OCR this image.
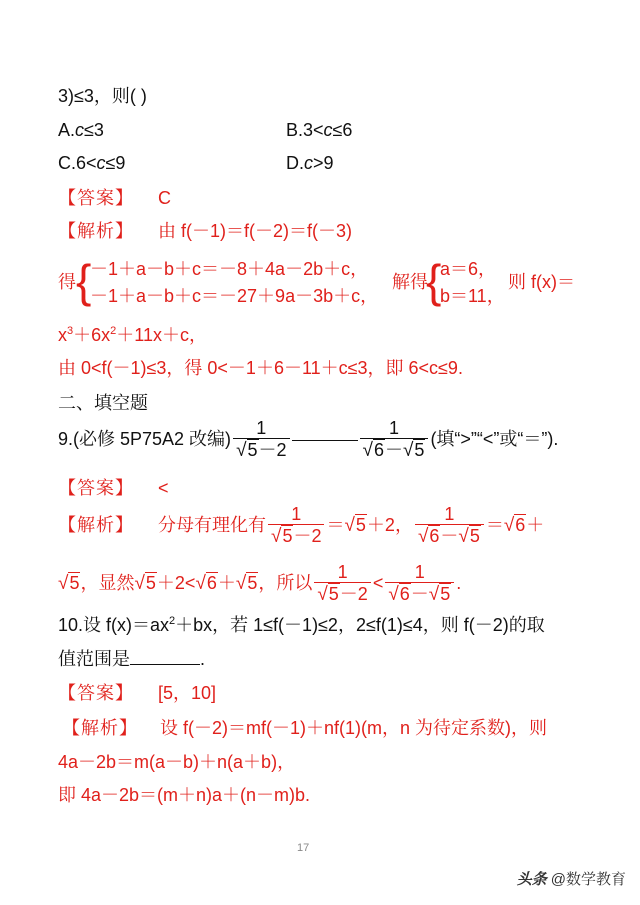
3)≤3，则( )
A.c≤3	B.3<c≤6
C.6<c≤9	D.c>9
【答案】 C
【解析】 由 f(－1)＝f(－2)＝f(－3)
得 {
－1＋a－b＋c＝－8＋4a－2b＋c，
－1＋a－b＋c＝－27＋9a－3b＋c，
解得
{
a＝6，
b＝11，
则 f(x)＝
$x^3+6x^2+11x+c$，
由 0<f(－1)≤3，得 0<－1＋6－11＋c≤3，即 6<c≤9.
二、填空题
9.(必修 5P75A2 改编) $\frac{1}{√5-2}$	$\frac{1}{√6-√5}$ (填“>”“<”或“＝”).
【答案】 <
【解析】 分母有理化有 $\frac{1}{√5-2} =√5+2$， $\frac{1}{√6-√5} =√6+$
√5，显然√5＋2<√6＋√5，所以 $\frac{1}{√5-2} < \frac{1}{√6-√5}$ .
10.设 $f(x)=ax^2+bx$，若 1≤f(－1)≤2，2≤f(1)≤4，则 f(－2)的取
值范围是	.
【答案】 [5，10]
【解析】 设 f(－2)＝mf(－1)＋nf(1)(m，n 为待定系数)，则
4a－2b＝m(a－b)＋n(a＋b)，
即 4a－2b＝(m＋n)a＋(n－m)b.
17
头条 @数学教育
